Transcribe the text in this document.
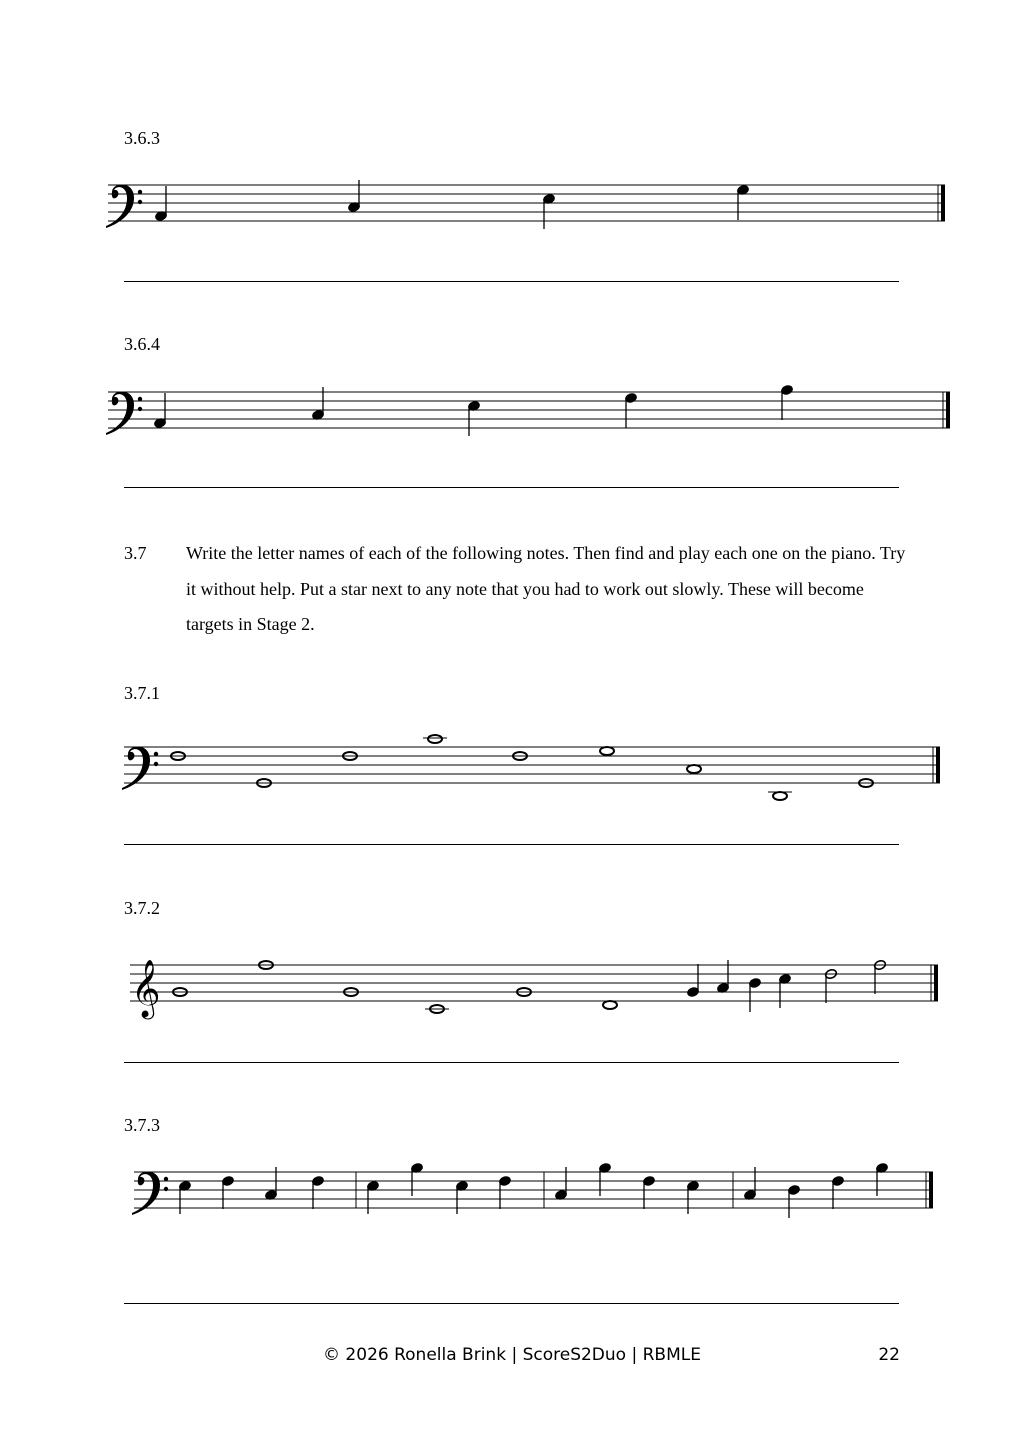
3.6.3
3.6.4
3.7.1
3.7.2
3.7.3
3.7 Write the letter names of each of the following notes. Then find and play each one on the piano. Try it without help. Put a star next to any note that you had to work out slowly. These will become targets in Stage 2.
𝄞
© 2026 Ronella Brink | ScoreS2Duo | RBMLE	22
